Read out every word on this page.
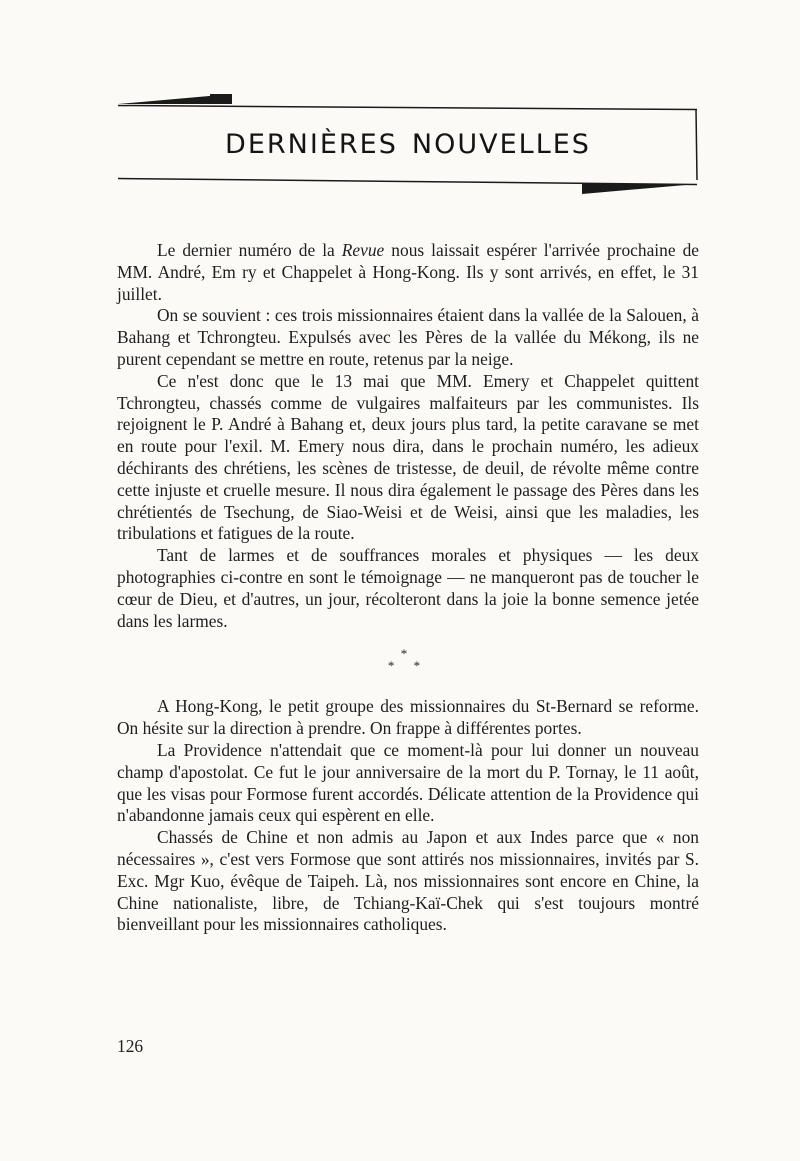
dernières nouvelles

Le dernier numéro de la Revue nous laissait espérer l'arrivée prochaine de MM. André, Em ry et Chappelet à Hong-Kong. Ils y sont arrivés, en effet, le 31 juillet.

On se souvient : ces trois missionnaires étaient dans la vallée de la Salouen, à Bahang et Tchrongteu. Expulsés avec les Pères de la vallée du Mékong, ils ne purent cependant se mettre en route, retenus par la neige.

Ce n'est donc que le 13 mai que MM. Emery et Chappelet quittent Tchrongteu, chassés comme de vulgaires malfaiteurs par les communistes. Ils rejoignent le P. André à Bahang et, deux jours plus tard, la petite caravane se met en route pour l'exil. M. Emery nous dira, dans le prochain numéro, les adieux déchirants des chrétiens, les scènes de tristesse, de deuil, de révolte même contre cette injuste et cruelle mesure. Il nous dira également le passage des Pères dans les chrétientés de Tsechung, de Siao-Weisi et de Weisi, ainsi que les maladies, les tribulations et fatigues de la route.

Tant de larmes et de souffrances morales et physiques — les deux photographies ci-contre en sont le témoignage — ne manqueront pas de toucher le cœur de Dieu, et d'autres, un jour, récolteront dans la joie la bonne semence jetée dans les larmes.

*
* *

A Hong-Kong, le petit groupe des missionnaires du St-Bernard se reforme. On hésite sur la direction à prendre. On frappe à différentes portes.

La Providence n'attendait que ce moment-là pour lui donner un nouveau champ d'apostolat. Ce fut le jour anniversaire de la mort du P. Tornay, le 11 août, que les visas pour Formose furent accordés. Délicate attention de la Providence qui n'abandonne jamais ceux qui espèrent en elle.

Chassés de Chine et non admis au Japon et aux Indes parce que « non nécessaires », c'est vers Formose que sont attirés nos missionnaires, invités par S. Exc. Mgr Kuo, évêque de Taipeh. Là, nos missionnaires sont encore en Chine, la Chine nationaliste, libre, de Tchiang-Kaï-Chek qui s'est toujours montré bienveillant pour les missionnaires catholiques.

126
